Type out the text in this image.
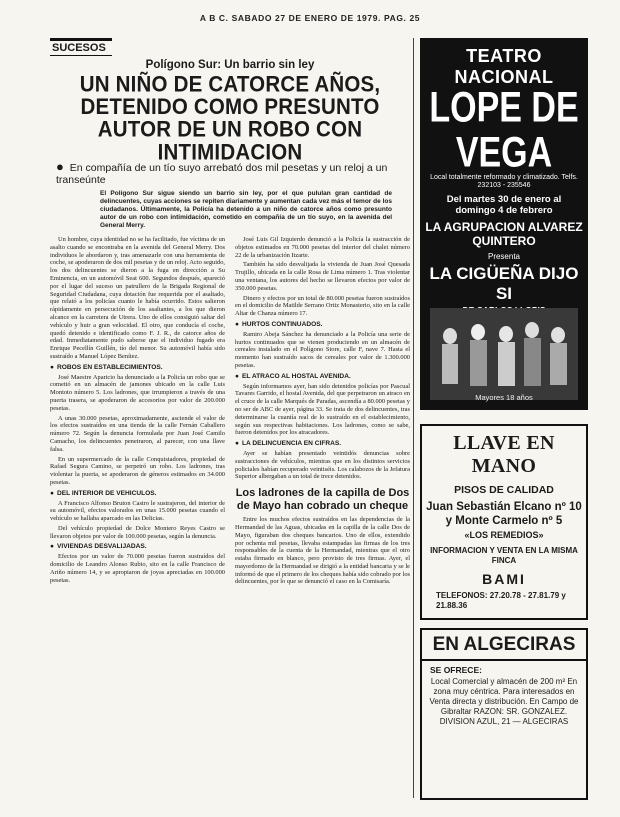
A B C. SABADO 27 DE ENERO DE 1979. PAG. 25
SUCESOS
Polígono Sur: Un barrio sin ley
UN NIÑO DE CATORCE AÑOS, DETENIDO COMO PRESUNTO AUTOR DE UN ROBO CON INTIMIDACION
● En compañía de un tío suyo arrebató dos mil pesetas y un reloj a un transeúnte
El Polígono Sur sigue siendo un barrio sin ley, por el que pululan gran cantidad de delincuentes, cuyas acciones se repiten diariamente y aumentan cada vez más el temor de los ciudadanos. Últimamente, la Policía ha detenido a un niño de catorce años como presunto autor de un robo con intimidación, cometido en compañía de un tío suyo, en la avenida del General Merry.

Un hombre, cuya identidad no se ha facilitado, fue víctima de un asalto cuando se encontraba en la avenida del General Merry. Dos individuos le abordaron y, tras amenazarle con una herramienta de coche, se apoderaron de dos mil pesetas y de un reloj. Acto seguido, los dos delincuentes se dieron a la fuga en dirección a Su Eminencia, en un automóvil Seat 600. Segundos después, apareció por el lugar del suceso un patrullero de la Brigada Regional de Seguridad Ciudadana, cuya dotación fue requerida por el asaltado, que relató a los policías cuanto le había ocurrido. Estos salieron rápidamente en persecución de los asaltantes, a los que dieron alcance en la carretera de Utrera. Uno de ellos consiguió saltar del vehículo y huir a gran velocidad. El otro, que conducía el coche, quedó detenido e identificado como F. J. R., de catorce años de edad. Inmediatamente pudo saberse que el individuo fugado era Enrique Pecellín Guillén, tío del menor. Su automóvil había sido sustraído a Manuel López Benítez.

● ROBOS EN ESTABLECIMIENTOS.

José Maestre Aparicio ha denunciado a la Policía un robo que se cometió en un almacén de jamones ubicado en la calle Luis Montoto número 5. Los ladrones, que irrumpieron a través de una puerta trasera, se apoderaron de accesorios por valor de 200.000 pesetas.

A unas 30.000 pesetas, aproximadamente, asciende el valor de los efectos sustraídos en una tienda de la calle Fernán Caballero número 72. Según la denuncia formulada por Juan José Camilo Camacho, los delincuentes penetraron, al parecer, con una llave falsa.

En un supermercado de la calle Conquistadores, propiedad de Rafael Segura Camino, se perpetró un robo. Los ladrones, tras violentar la puerta, se apoderaron de géneros estimados en 34.000 pesetas.

● DEL INTERIOR DE VEHICULOS.

A Francisco Alfonso Bruton Castro le sustrajeron, del interior de su automóvil, efectos valorados en unas 15.000 pesetas cuando el vehículo se hallaba aparcado en las Delicias.

Del vehículo propiedad de Dolce Montero Reyes Castro se llevaron objetos por valor de 100.000 pesetas, según la denuncia.

● VIVIENDAS DESVALIJADAS.

Efectos por un valor de 70.000 pesetas fueron sustraídos del domicilio de Leandro Alonso Rubio, sito en la calle Francisco de Ariño número 14, y se apropiaron de joyas apreciadas en 100.000 pesetas.

José Luis Gil Izquierdo denunció a la Policía la sustracción de objetos estimados en 70.000 pesetas del interior del chalet número 22 de la urbanización Itzarte.

También ha sido desvalijada la vivienda de Juan José Quesada Trujillo, ubicada en la calle Rosa de Lima número 1. Tras violentar una ventana, los autores del hecho se llevaron efectos por valor de 350.000 pesetas.

Dinero y efectos por un total de 80.000 pesetas fueron sustraídos en el domicilio de Matilde Serrano Ortiz Monasterio, sito en la calle Altar de Chanza número 17.

● HURTOS CONTINUADOS.

Ramiro Abeja Sánchez ha denunciado a la Policía una serie de hurtos continuados que se vienen produciendo en un almacén de cereales instalado en el Polígono Store, calle F, nave 7. Hasta el momento han sustraído sacos de cereales por valor de 1.300.000 pesetas.

● EL ATRACO AL HOSTAL AVENIDA.

Según informamos ayer, han sido detenidos policías por Pascual Tavares Garrido, el hostal Avenida, del que perpetraron un atraco en el cruce de la calle Marqués de Paradas, ascendía a 80.000 pesetas y no ser de ABC de ayer, página 33. Se trata de dos delincuentes, tras determinarse la cuantía real de lo sustraído en el establecimiento, según sus respectivas habitaciones. Los ladrones, como se sabe, fueron detenidos por los atracadores.

● LA DELINCUENCIA EN CIFRAS.

Ayer se habían presentado veintidós denuncias sobre sustracciones de vehículos, mientras que en los distintos servicios policiales habían recuperado veintiséis. Los calabozos de la Jefatura Superior albergaban a un total de trece detenidos.

Los ladrones de la capilla de Dos de Mayo han cobrado un cheque

Entre los muchos efectos sustraídos en las dependencias de la Hermandad de las Aguas, ubicadas en la capilla de la calle Dos de Mayo, figuraban dos cheques bancarios. Uno de ellos, extendido por ochenta mil pesetas, llevaba estampadas las firmas de los tres responsables de la cuenta de la Hermandad, mientras que el otro estaba firmado en blanco, pero provisto de tres firmas. Ayer, el mayordomo de la Hermandad se dirigió a la entidad bancaria y se le informó de que el primero de los cheques había sido cobrado por los delincuentes, por lo que se denunció el caso en la Comisaría.

TEATRO NACIONAL
LOPE DE VEGA
Local totalmente reformado y climatizado. Telfs. 232103 - 235546
Del martes 30 de enero al domingo 4 de febrero
LA AGRUPACION ALVAREZ QUINTERO
Presenta
LA CIGÜEÑA DIJO SI
Mayores 18 años
LLAVE EN MANO
PISOS DE CALIDAD
Juan Sebastián Elcano nº 10 y Monte Carmelo nº 5
«LOS REMEDIOS»
INFORMACION Y VENTA EN LA MISMA FINCA
BAMI
TELEFONOS: 27.20.78 - 27.81.79 y 21.88.36
EN ALGECIRAS
SE OFRECE:
Local Comercial y almacén de 200 m² En zona muy céntrica. Para interesados en Venta directa y distribución. En Campo de Gibraltar RAZON: SR. GONZALEZ. DIVISION AZUL, 21 — ALGECIRAS
